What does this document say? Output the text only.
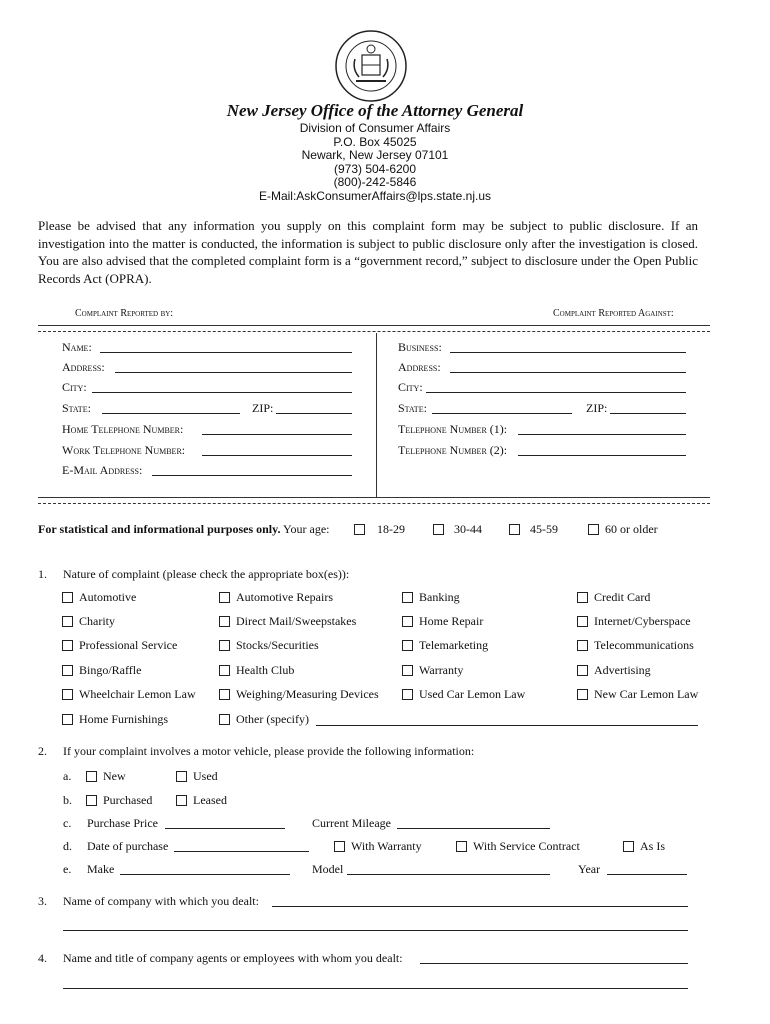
New Jersey Office of the Attorney General
Division of Consumer Affairs
P.O. Box 45025
Newark, New Jersey 07101
(973) 504-6200
(800)-242-5846
E-Mail:AskConsumerAffairs@lps.state.nj.us
Please be advised that any information you supply on this complaint form may be subject to public disclosure. If an investigation into the matter is conducted, the information is subject to public disclosure only after the investigation is closed. You are also advised that the completed complaint form is a “government record,” subject to disclosure under the Open Public Records Act (OPRA).
Complaint Reported by:	Complaint Reported Against:
Name:
Address:
City:
State:	ZIP:
Home Telephone Number:
Work Telephone Number:
E-Mail Address:
Business:
Address:
City:
State:	ZIP:
Telephone Number (1):
Telephone Number (2):
For statistical and informational purposes only. Your age:	18-29	30-44	45-59	60 or older
1. Nature of complaint (please check the appropriate box(es)):
Automotive	Automotive Repairs	Banking	Credit Card
Charity	Direct Mail/Sweepstakes	Home Repair	Internet/Cyberspace
Professional Service	Stocks/Securities	Telemarketing	Telecommunications
Bingo/Raffle	Health Club	Warranty	Advertising
Wheelchair Lemon Law	Weighing/Measuring Devices	Used Car Lemon Law	New Car Lemon Law
Home Furnishings	Other (specify)
2. If your complaint involves a motor vehicle, please provide the following information:
a.	New	Used
b.	Purchased	Leased
c. Purchase Price	Current Mileage
d. Date of purchase	With Warranty	With Service Contract	As Is
e. Make	Model	Year
3. Name of company with which you dealt:
4. Name and title of company agents or employees with whom you dealt:
